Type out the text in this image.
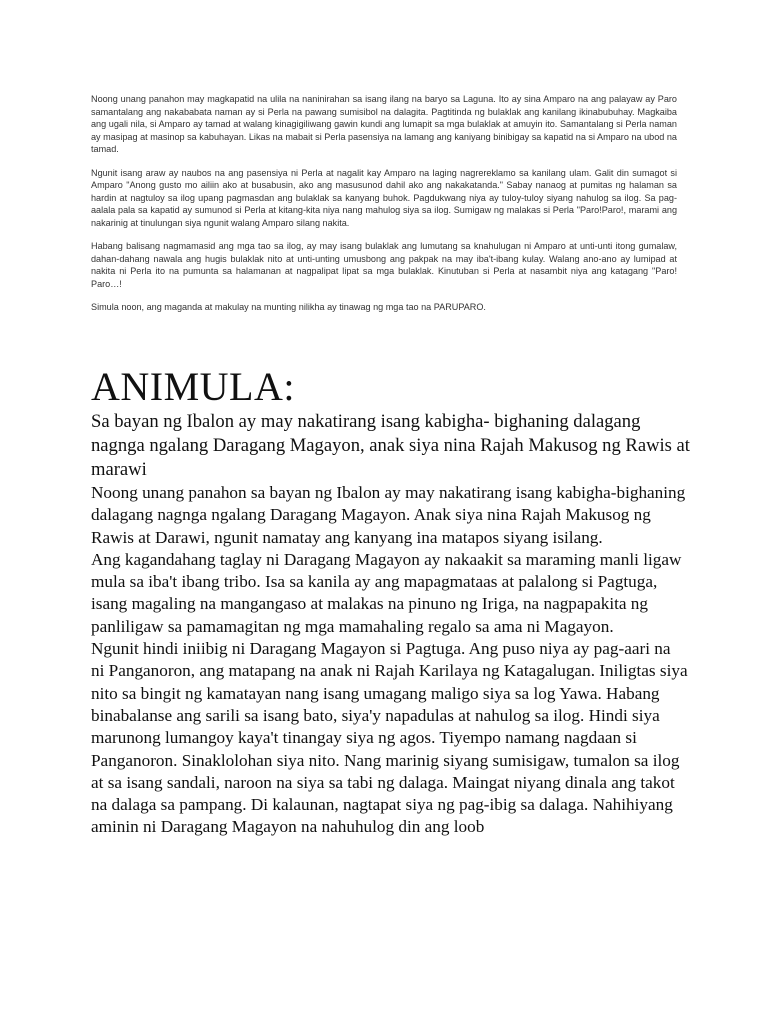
Noong unang panahon may magkapatid na ulila na naninirahan sa isang ilang na baryo sa Laguna. Ito ay sina Amparo na ang palayaw ay Paro samantalang ang nakababata naman ay si Perla na pawang sumisibol na dalagita. Pagtitinda ng bulaklak ang kanilang ikinabubuhay. Magkaiba ang ugali nila, si Amparo ay tamad at walang kinagigiliwang gawin kundi ang lumapit sa mga bulaklak at amuyin ito. Samantalang si Perla naman ay masipag at masinop sa kabuhayan. Likas na mabait si Perla pasensiya na lamang ang kaniyang binibigay sa kapatid na si Amparo na ubod na tamad.

Ngunit isang araw ay naubos na ang pasensiya ni Perla at nagalit kay Amparo na laging nagrereklamo sa kanilang ulam. Galit din sumagot si Amparo "Anong gusto mo ailiin ako at busabusin, ako ang masusunod dahil ako ang nakakatanda." Sabay nanaog at pumitas ng halaman sa hardin at nagtuloy sa ilog upang pagmasdan ang bulaklak sa kanyang buhok. Pagdukwang niya ay tuloy-tuloy siyang nahulog sa ilog. Sa pag-aalala pala sa kapatid ay sumunod si Perla at kitang-kita niya nang mahulog siya sa ilog. Sumigaw ng malakas si Perla "Paro!Paro!, marami ang nakarinig at tinulungan siya ngunit walang Amparo silang nakita.

Habang balisang nagmamasid ang mga tao sa ilog, ay may isang bulaklak ang lumutang sa knahulugan ni Amparo at unti-unti itong gumalaw, dahan-dahang nawala ang hugis bulaklak nito at unti-unting umusbong ang pakpak na may iba't-ibang kulay. Walang ano-ano ay lumipad at nakita ni Perla ito na pumunta sa halamanan at nagpalipat lipat sa mga bulaklak. Kinutuban si Perla at nasambit niya ang katagang "Paro! Paro…!

Simula noon, ang maganda at makulay na munting nilikha ay tinawag ng mga tao na PARUPARO.

ANIMULA:

Sa bayan ng Ibalon ay may nakatirang isang kabigha- bighaning dalagang

nagnga ngalang Daragang Magayon, anak siya nina Rajah Makusog ng Rawis at marawi

Noong unang panahon sa bayan ng Ibalon ay may nakatirang isang kabigha-bighaning dalagang nagnga ngalang Daragang Magayon. Anak siya nina Rajah Makusog ng Rawis at Darawi, ngunit namatay ang kanyang ina matapos siyang isilang.

Ang kagandahang taglay ni Daragang Magayon ay nakaakit sa maraming manli ligaw mula sa iba't ibang tribo. Isa sa kanila ay ang mapagmataas at palalong si Pagtuga, isang magaling na mangangaso at malakas na pinuno ng Iriga, na nagpapakita ng panliligaw sa pamamagitan ng mga mamahaling regalo sa ama ni Magayon.

Ngunit hindi iniibig ni Daragang Magayon si Pagtuga. Ang puso niya ay pag-aari na

ni Panganoron, ang matapang na anak ni Rajah Karilaya ng Katagalugan. Iniligtas siya nito sa bingit ng kamatayan nang isang umagang maligo siya sa log Yawa. Habang binabalanse ang sarili sa isang bato, siya'y napadulas at nahulog sa ilog. Hindi siya marunong lumangoy kaya't tinangay siya ng agos. Tiyempo namang nagdaan si Panganoron. Sinaklolohan siya nito. Nang marinig siyang sumisigaw, tumalon sa ilog at sa isang sandali, naroon na siya sa tabi ng dalaga. Maingat niyang dinala ang takot na dalaga sa pampang. Di kalaunan, nagtapat siya ng pag-ibig sa dalaga. Nahihiyang aminin ni Daragang Magayon na nahuhulog din ang loob
